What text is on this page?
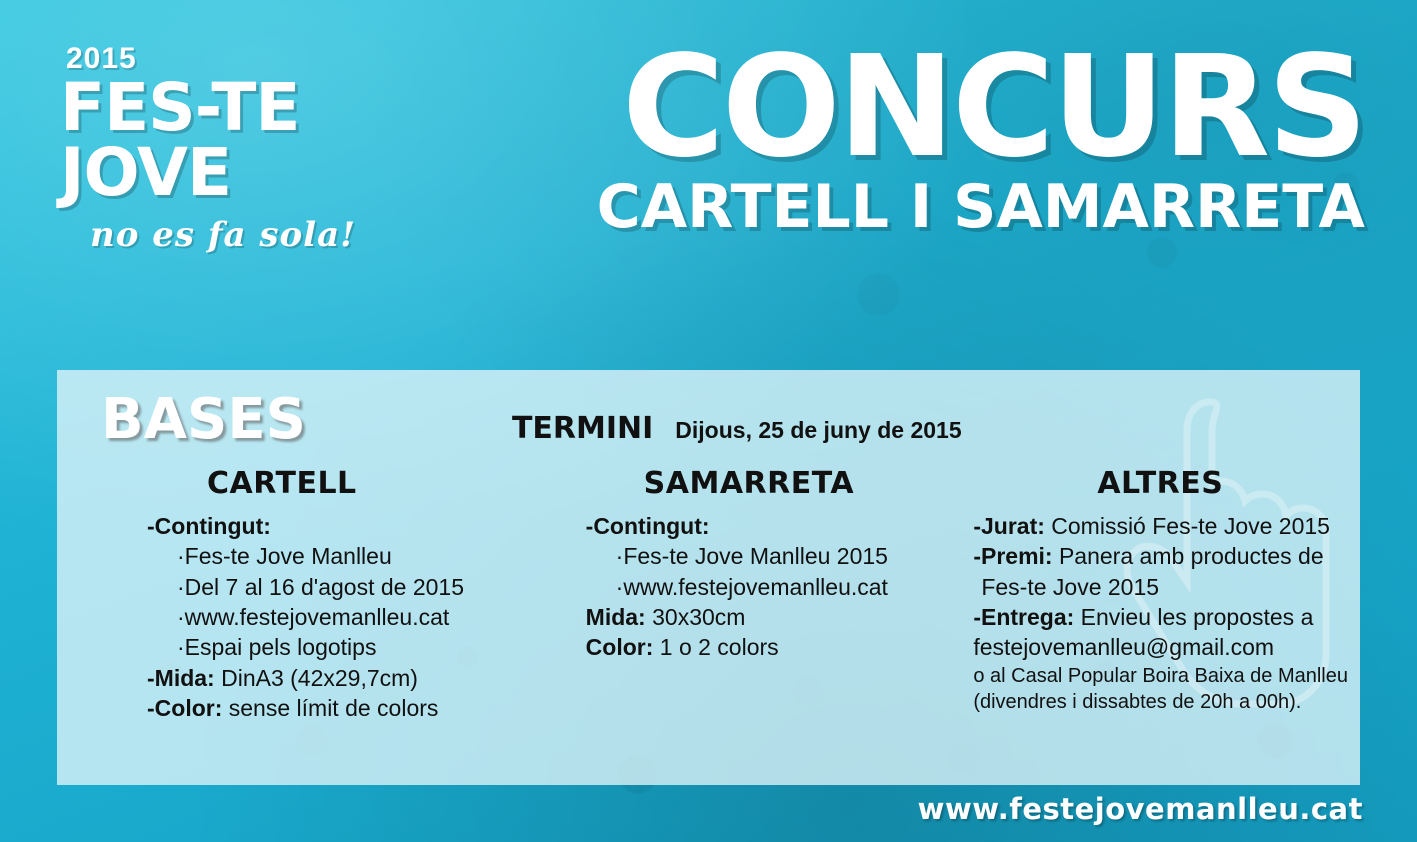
2015
FES-TE
JOVE
no es fa sola!
CONCURS
CARTELL I SAMARRETA
BASES	TERMINI Dijous, 25 de juny de 2015
CARTELL
-Contingut:
·Fes-te Jove Manlleu
·Del 7 al 16 d'agost de 2015
·www.festejovemanlleu.cat
·Espai pels logotips
-Mida: DinA3 (42x29,7cm)
-Color: sense límit de colors
SAMARRETA
-Contingut:
·Fes-te Jove Manlleu 2015
·www.festejovemanlleu.cat
Mida: 30x30cm
Color: 1 o 2 colors
ALTRES
-Jurat: Comissió Fes-te Jove 2015
-Premi: Panera amb productes de
Fes-te Jove 2015
-Entrega: Envieu les propostes a
festejovemanlleu@gmail.com
o al Casal Popular Boira Baixa de Manlleu
(divendres i dissabtes de 20h a 00h).
www.festejovemanlleu.cat
